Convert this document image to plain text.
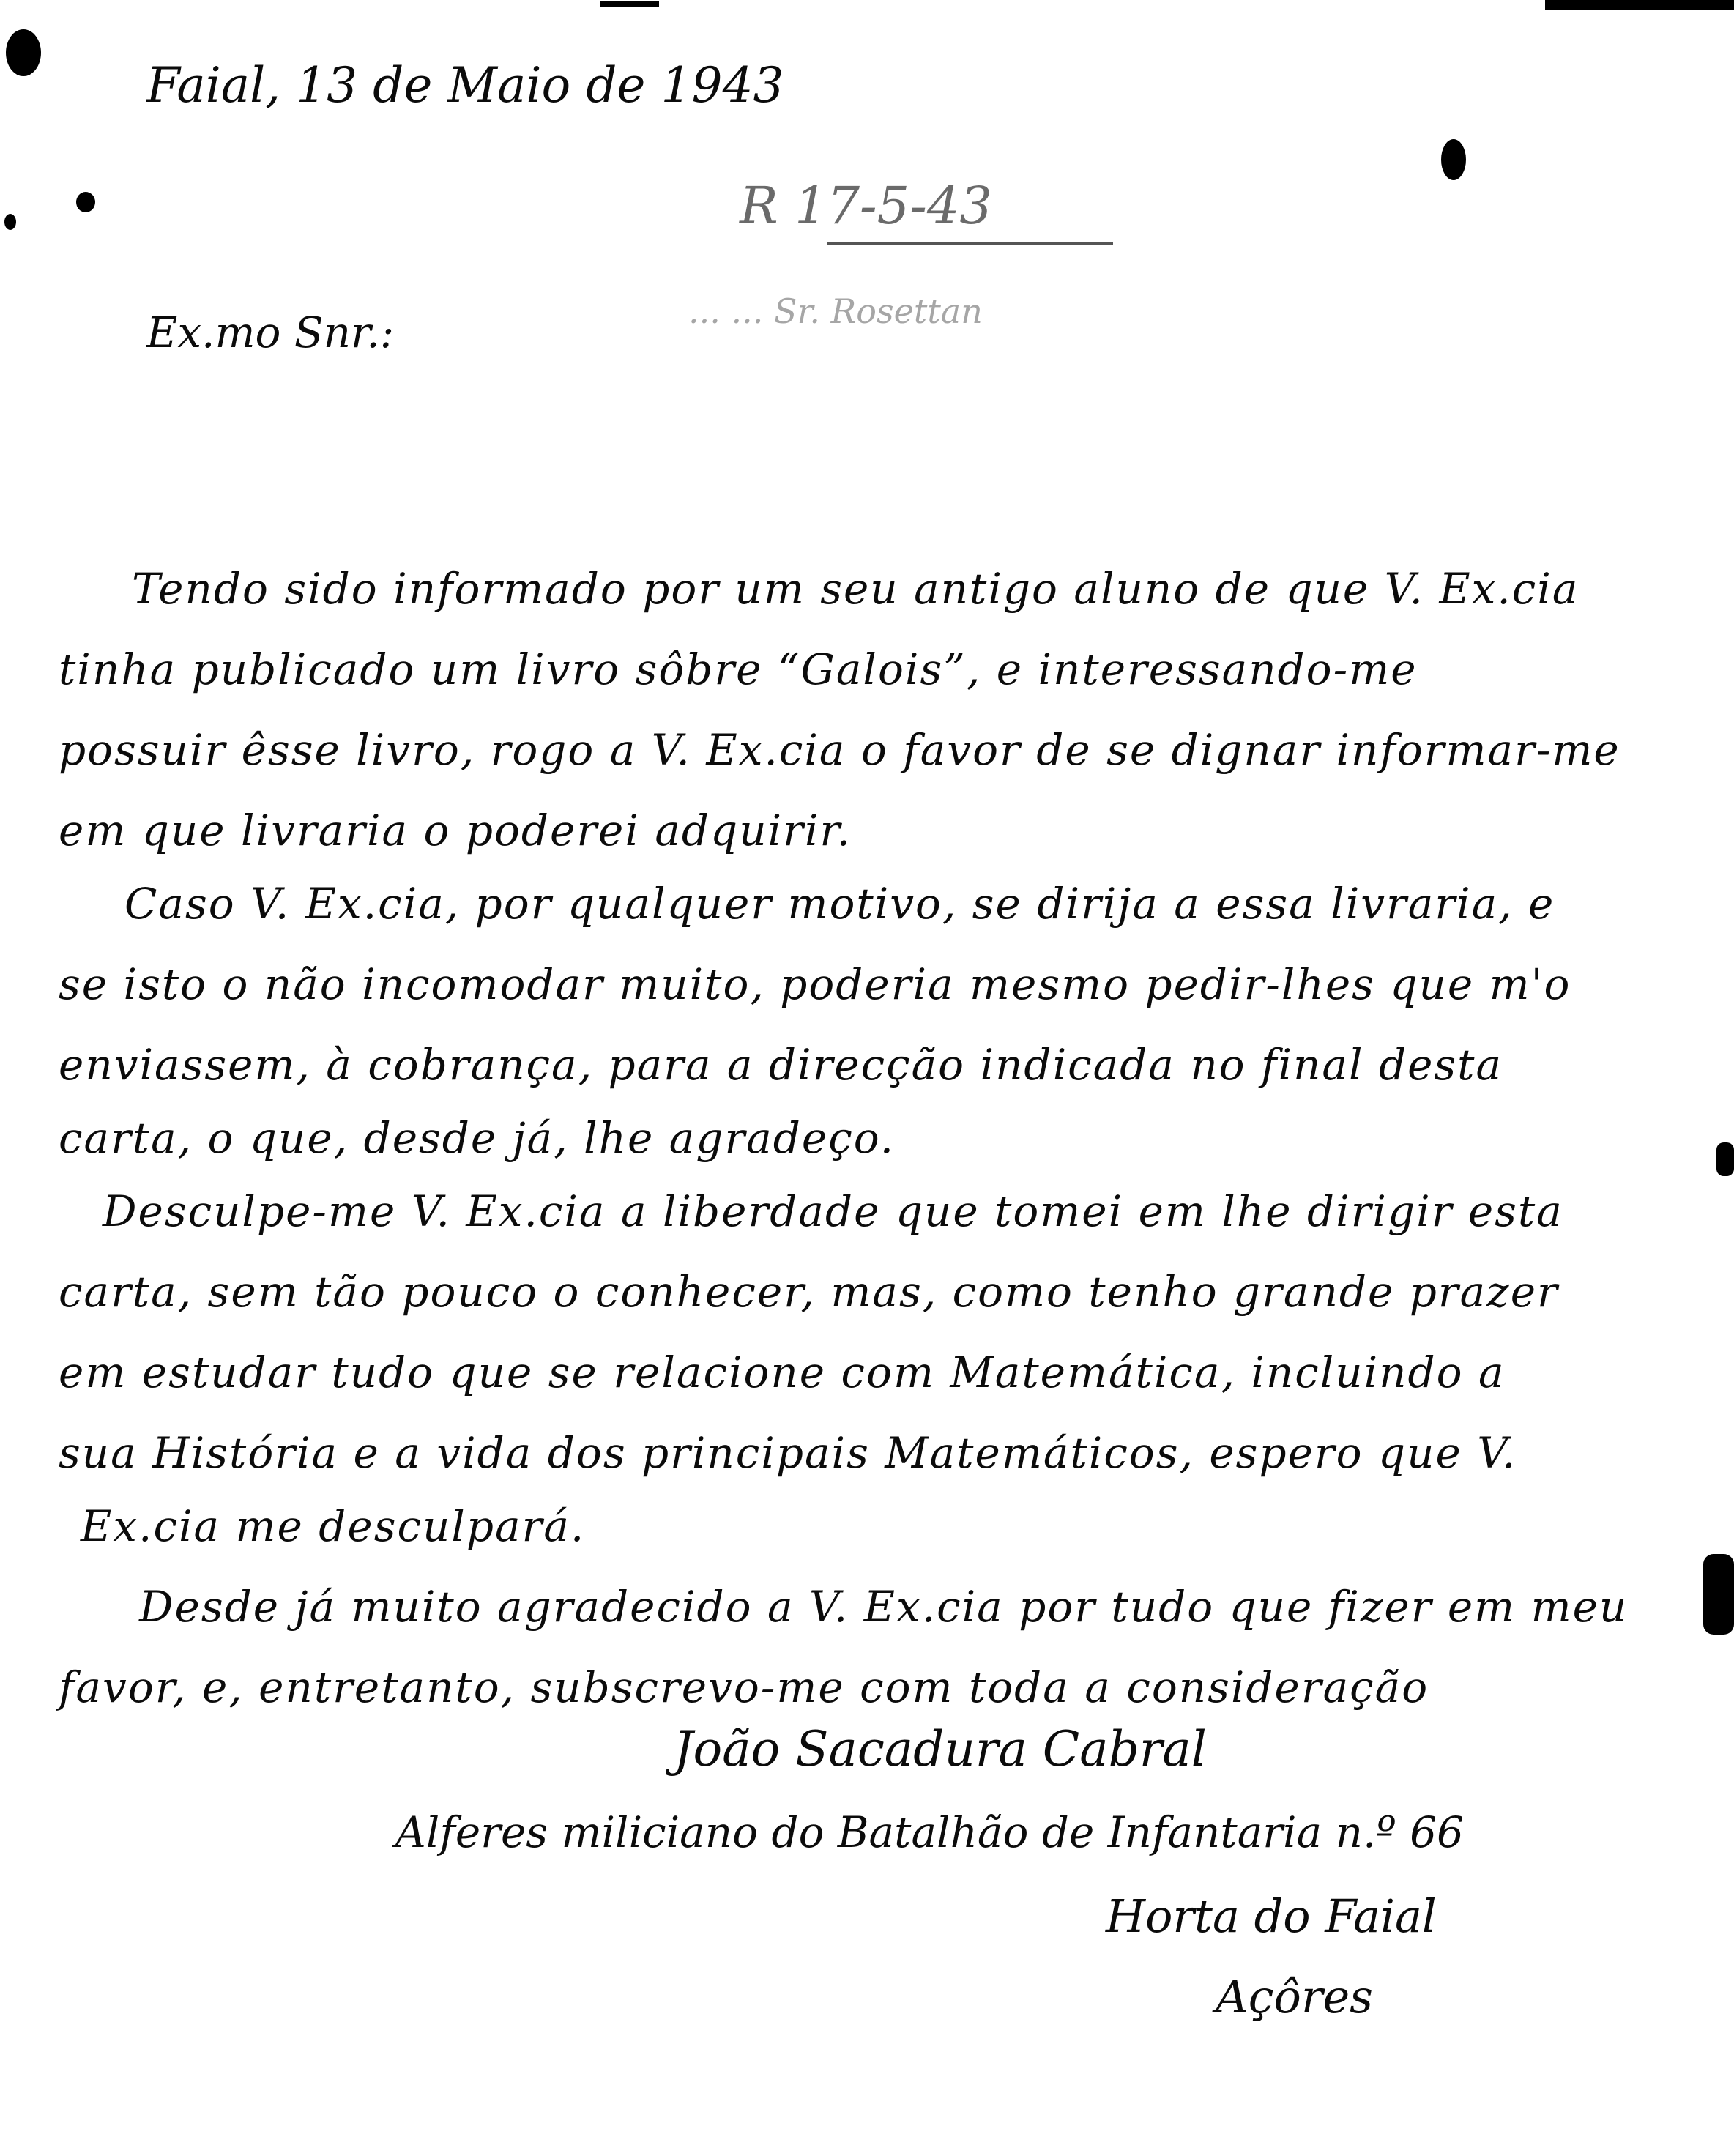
Faial, 13 de Maio de 1943
R 17-5-43
... ... Sr. Rosettan
Ex.mo Snr.:
Tendo sido informado por um seu antigo aluno de que V. Ex.cia
tinha publicado um livro sôbre “Galois”, e interessando-me
possuir êsse livro, rogo a V. Ex.cia o favor de se dignar informar-me
em que livraria o poderei adquirir.
Caso V. Ex.cia, por qualquer motivo, se dirija a essa livraria, e
se isto o não incomodar muito, poderia mesmo pedir-lhes que m'o
enviassem, à cobrança, para a direcção indicada no final desta
carta, o que, desde já, lhe agradeço.
Desculpe-me V. Ex.cia a liberdade que tomei em lhe dirigir esta
carta, sem tão pouco o conhecer, mas, como tenho grande prazer
em estudar tudo que se relacione com Matemática, incluindo a
sua História e a vida dos principais Matemáticos, espero que V.
Ex.cia me desculpará.
Desde já muito agradecido a V. Ex.cia por tudo que fizer em meu
favor, e, entretanto, subscrevo-me com toda a consideração
João Sacadura Cabral
Alferes miliciano do Batalhão de Infantaria n.º 66
Horta do Faial
Açôres
